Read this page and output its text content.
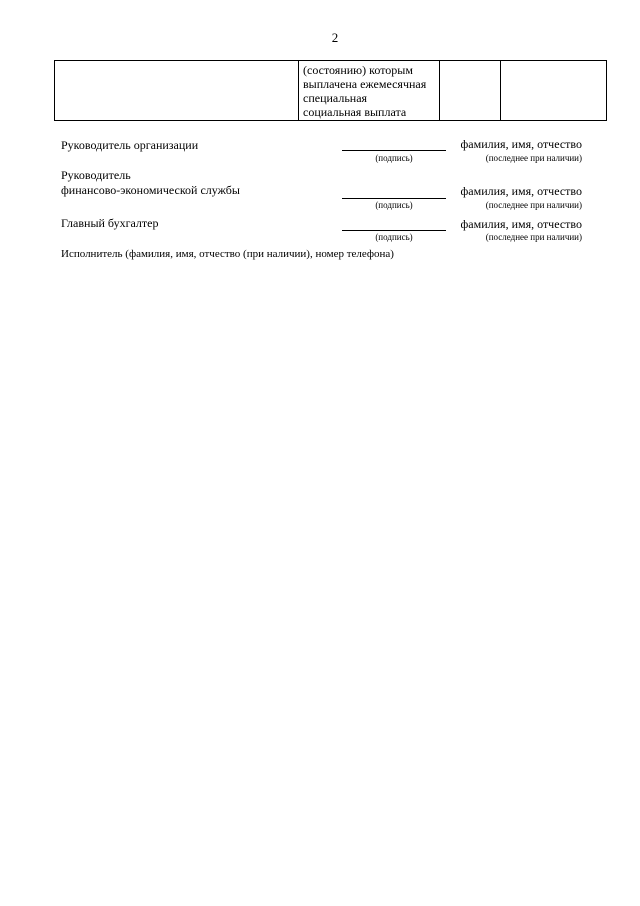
2

(состоянию) которым
выплачена ежемесячная
специальная
социальная выплата

Руководитель организации	фамилия, имя, отчество
(подпись)	(последнее при наличии)
Руководитель
финансово-экономической службы	фамилия, имя, отчество
(подпись)	(последнее при наличии)
Главный бухгалтер	фамилия, имя, отчество
(подпись)	(последнее при наличии)
Исполнитель (фамилия, имя, отчество (при наличии), номер телефона)
